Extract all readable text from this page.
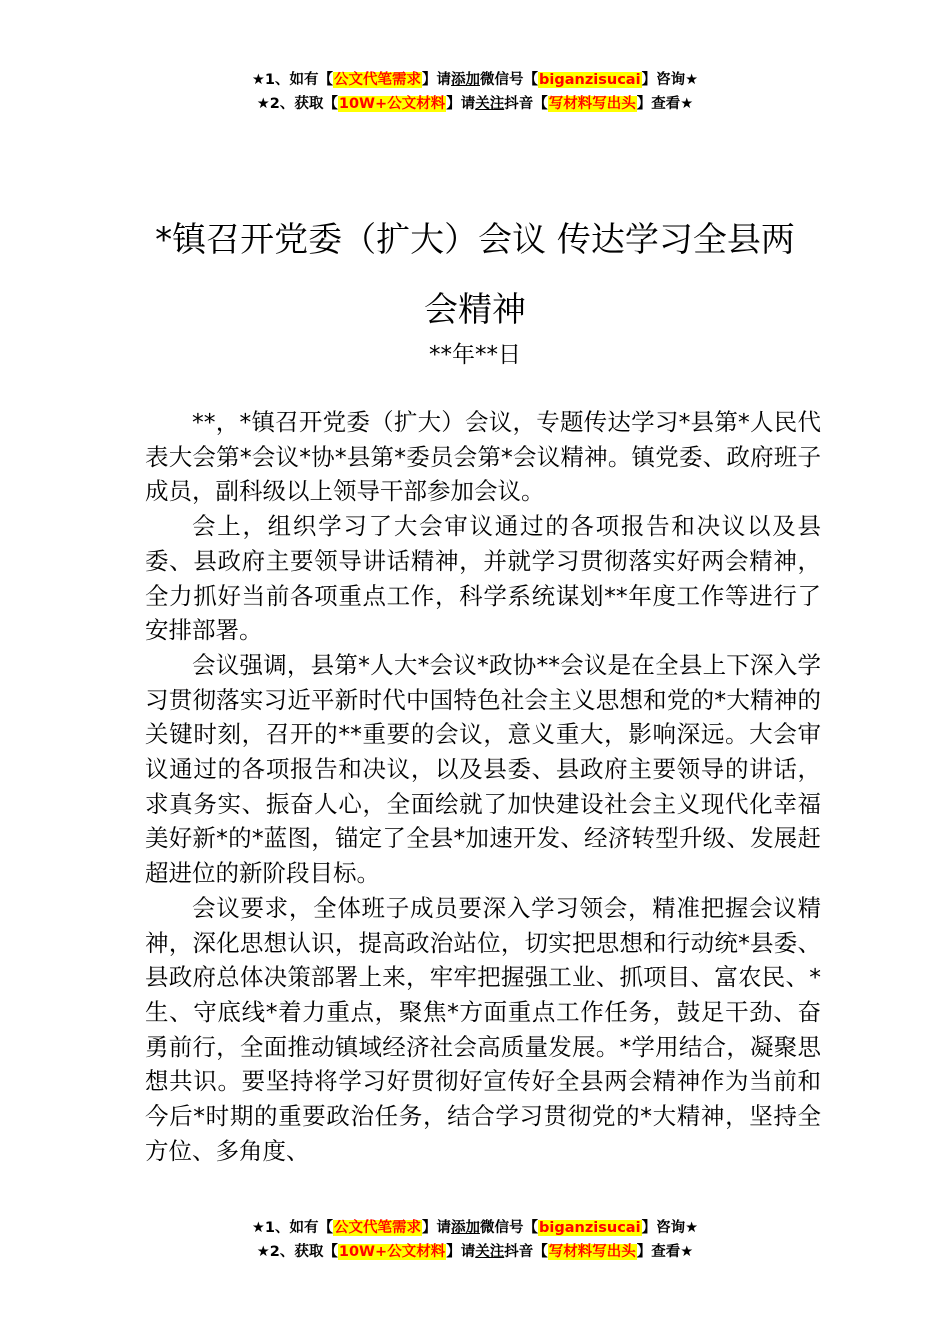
★1、如有【公文代笔需求】请添加微信号【biganzisucai】咨询★
★2、获取【10W+公文材料】请关注抖音【写材料写出头】查看★
*镇召开党委（扩大）会议 传达学习全县两会精神
**年**日

**，*镇召开党委（扩大）会议，专题传达学习*县第*人民代表大会第*会议*协*县第*委员会第*会议精神。镇党委、政府班子成员，副科级以上领导干部参加会议。

会上，组织学习了大会审议通过的各项报告和决议以及县委、县政府主要领导讲话精神，并就学习贯彻落实好两会精神，全力抓好当前各项重点工作，科学系统谋划**年度工作等进行了安排部署。

会议强调，县第*人大*会议*政协**会议是在全县上下深入学习贯彻落实习近平新时代中国特色社会主义思想和党的*大精神的关键时刻，召开的**重要的会议，意义重大，影响深远。大会审议通过的各项报告和决议，以及县委、县政府主要领导的讲话，求真务实、振奋人心，全面绘就了加快建设社会主义现代化幸福美好新*的*蓝图，锚定了全县*加速开发、经济转型升级、发展赶超进位的新阶段目标。

会议要求，全体班子成员要深入学习领会，精准把握会议精神，深化思想认识，提高政治站位，切实把思想和行动统*县委、县政府总体决策部署上来，牢牢把握强工业、抓项目、富农民、*生、守底线*着力重点，聚焦*方面重点工作任务，鼓足干劲、奋勇前行，全面推动镇域经济社会高质量发展。*学用结合，凝聚思想共识。要坚持将学习好贯彻好宣传好全县两会精神作为当前和今后*时期的重要政治任务，结合学习贯彻党的*大精神，坚持全方位、多角度、

★1、如有【公文代笔需求】请添加微信号【biganzisucai】咨询★
★2、获取【10W+公文材料】请关注抖音【写材料写出头】查看★
